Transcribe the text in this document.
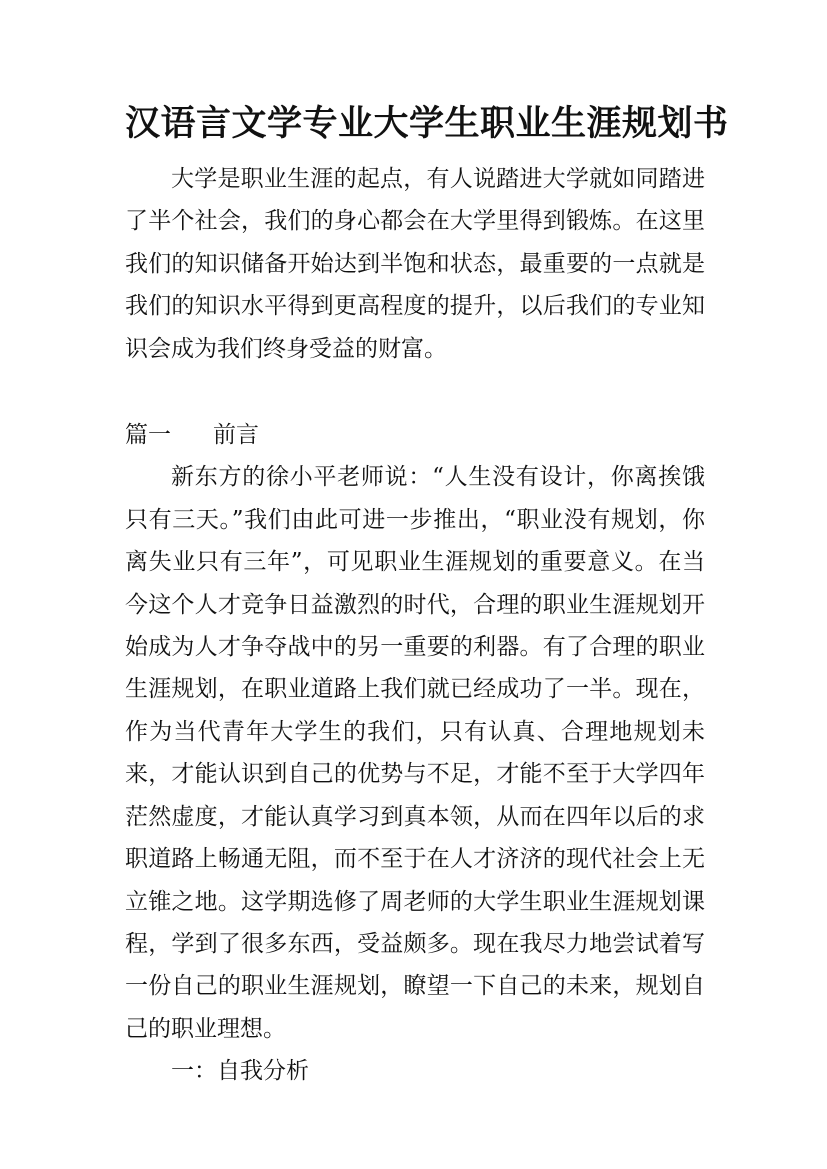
汉语言文学专业大学生职业生涯规划书

大学是职业生涯的起点，有人说踏进大学就如同踏进了半个社会，我们的身心都会在大学里得到锻炼。在这里我们的知识储备开始达到半饱和状态，最重要的一点就是我们的知识水平得到更高程度的提升，以后我们的专业知识会成为我们终身受益的财富。

篇一 前言

新东方的徐小平老师说：“人生没有设计，你离挨饿只有三天。”我们由此可进一步推出，“职业没有规划，你离失业只有三年”，可见职业生涯规划的重要意义。在当今这个人才竞争日益激烈的时代，合理的职业生涯规划开始成为人才争夺战中的另一重要的利器。有了合理的职业生涯规划，在职业道路上我们就已经成功了一半。现在，作为当代青年大学生的我们，只有认真、合理地规划未来，才能认识到自己的优势与不足，才能不至于大学四年茫然虚度，才能认真学习到真本领，从而在四年以后的求职道路上畅通无阻，而不至于在人才济济的现代社会上无立锥之地。这学期选修了周老师的大学生职业生涯规划课程，学到了很多东西，受益颇多。现在我尽力地尝试着写一份自己的职业生涯规划，瞭望一下自己的未来，规划自己的职业理想。

一：自我分析
